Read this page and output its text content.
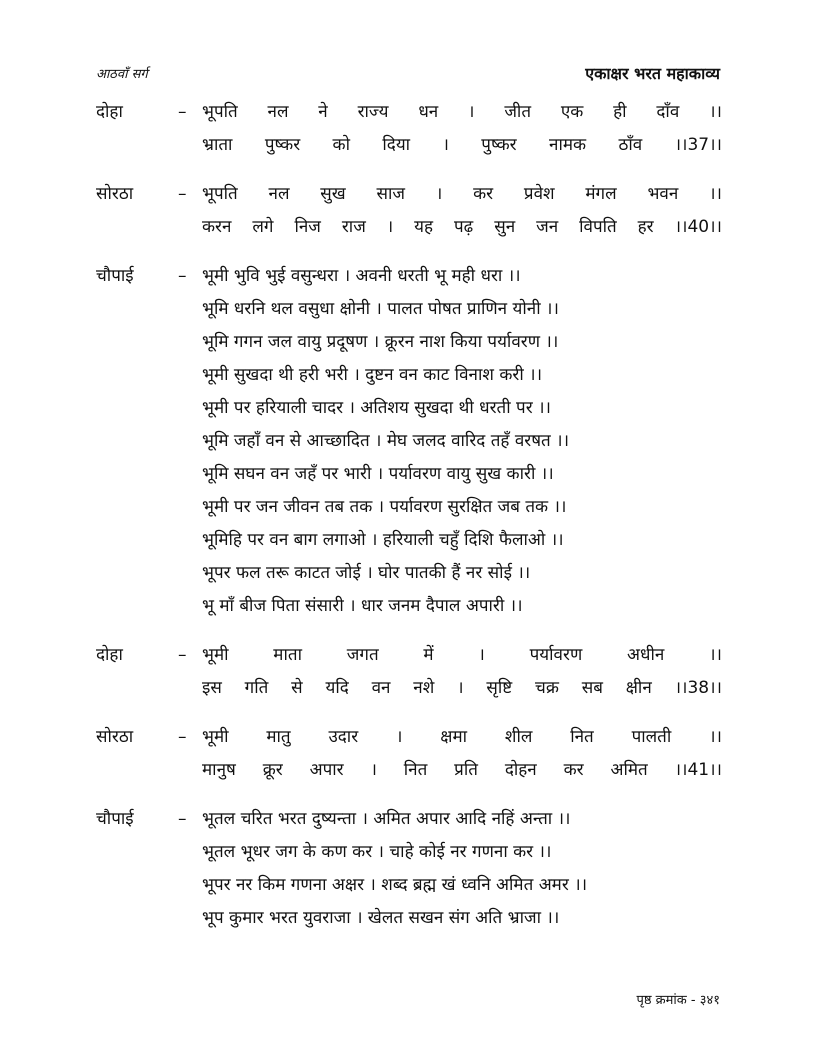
आठवाँ सर्ग	एकाक्षर भरत महाकाव्य
दोहा	– भूपति नल ने राज्य धन । जीत एक ही दाँव ।।
भ्राता पुष्कर को दिया । पुष्कर नामक ठाँव ।।37।।
सोरठा	– भूपति नल सुख साज । कर प्रवेश मंगल भवन ।।
करन लगे निज राज । यह पढ़ सुन जन विपति हर ।।40।।
चौपाई	– भूमी भुवि भुई वसुन्धरा । अवनी धरती भू मही धरा ।।
भूमि धरनि थल वसुधा क्षोनी । पालत पोषत प्राणिन योनी ।।
भूमि गगन जल वायु प्रदूषण । क्रूरन नाश किया पर्यावरण ।।
भूमी सुखदा थी हरी भरी । दुष्टन वन काट विनाश करी ।।
भूमी पर हरियाली चादर । अतिशय सुखदा थी धरती पर ।।
भूमि जहाँ वन से आच्छादित । मेघ जलद वारिद तहँ वरषत ।।
भूमि सघन वन जहँ पर भारी । पर्यावरण वायु सुख कारी ।।
भूमी पर जन जीवन तब तक । पर्यावरण सुरक्षित जब तक ।।
भूमिहि पर वन बाग लगाओ । हरियाली चहुँ दिशि फैलाओ ।।
भूपर फल तरू काटत जोई । घोर पातकी हैं नर सोई ।।
भू माँ बीज पिता संसारी । धार जनम दैपाल अपारी ।।
दोहा	– भूमी माता जगत में । पर्यावरण अधीन ।।
इस गति से यदि वन नशे । सृष्टि चक्र सब क्षीन ।।38।।
सोरठा	– भूमी मातु उदार । क्षमा शील नित पालती ।।
मानुष क्रूर अपार । नित प्रति दोहन कर अमित ।।41।।
चौपाई	– भूतल चरित भरत दुष्यन्ता । अमित अपार आदि नहिं अन्ता ।।
भूतल भूधर जग के कण कर । चाहे कोई नर गणना कर ।।
भूपर नर किम गणना अक्षर । शब्द ब्रह्म खं ध्वनि अमित अमर ।।
भूप कुमार भरत युवराजा । खेलत सखन संग अति भ्राजा ।।
पृष्ठ क्रमांक - ३४१
